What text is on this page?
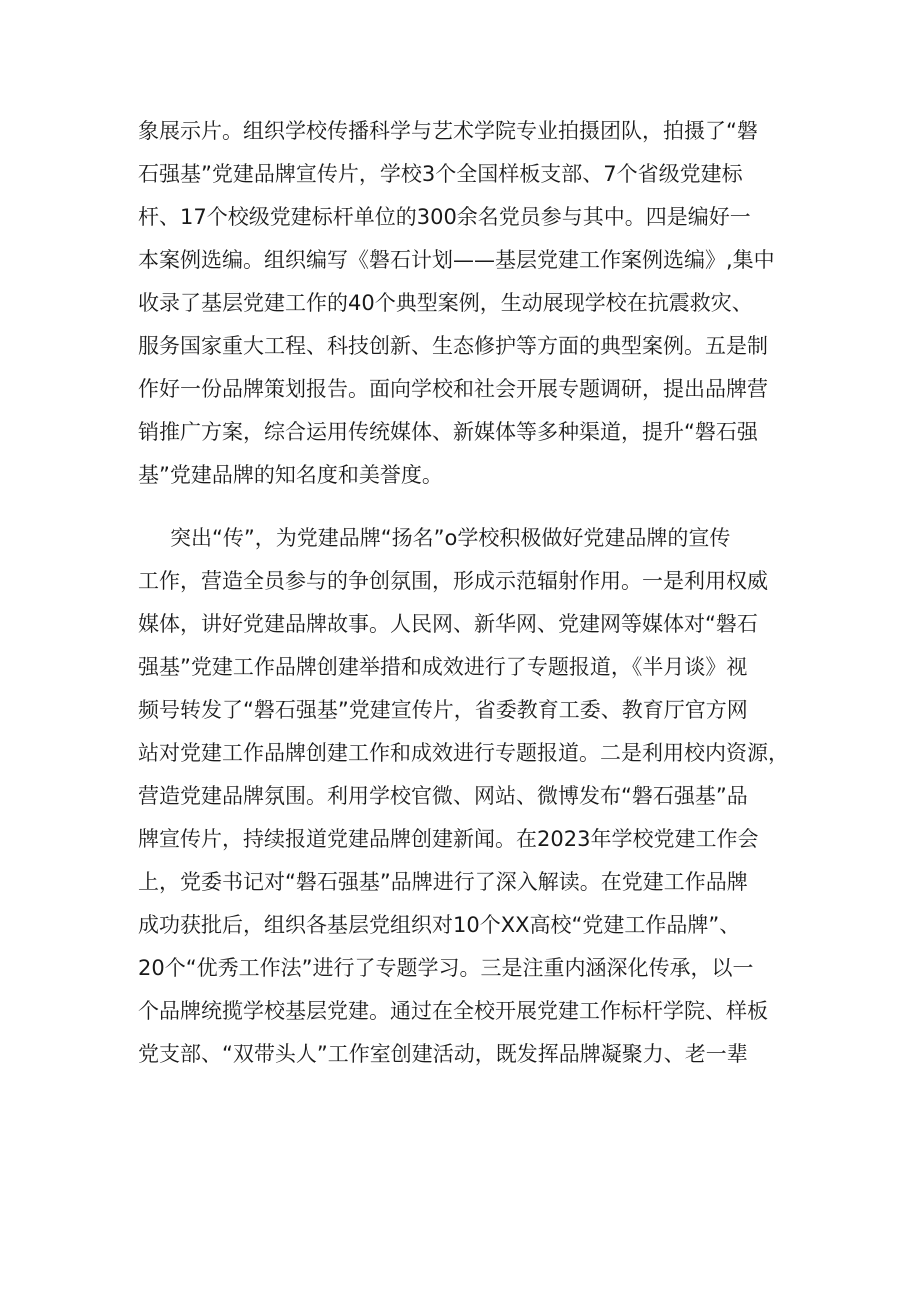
象展示片。组织学校传播科学与艺术学院专业拍摄团队，拍摄了“磐
石强基”党建品牌宣传片，学校3个全国样板支部、7个省级党建标
杆、17个校级党建标杆单位的300余名党员参与其中。四是编好一
本案例选编。组织编写《磐石计划——基层党建工作案例选编》,集中
收录了基层党建工作的40个典型案例，生动展现学校在抗震救灾、
服务国家重大工程、科技创新、生态修护等方面的典型案例。五是制
作好一份品牌策划报告。面向学校和社会开展专题调研，提出品牌营
销推广方案，综合运用传统媒体、新媒体等多种渠道，提升“磐石强
基”党建品牌的知名度和美誉度。

突出“传”，为党建品牌“扬名”o学校积极做好党建品牌的宣传
工作，营造全员参与的争创氛围，形成示范辐射作用。一是利用权威
媒体，讲好党建品牌故事。人民网、新华网、党建网等媒体对“磐石
强基”党建工作品牌创建举措和成效进行了专题报道，《半月谈》视
频号转发了“磐石强基”党建宣传片，省委教育工委、教育厅官方网
站对党建工作品牌创建工作和成效进行专题报道。二是利用校内资源，
营造党建品牌氛围。利用学校官微、网站、微博发布“磐石强基”品
牌宣传片，持续报道党建品牌创建新闻。在2023年学校党建工作会
上，党委书记对“磐石强基”品牌进行了深入解读。在党建工作品牌
成功获批后，组织各基层党组织对10个XX高校“党建工作品牌”、
20个“优秀工作法”进行了专题学习。三是注重内涵深化传承，以一
个品牌统揽学校基层党建。通过在全校开展党建工作标杆学院、样板
党支部、“双带头人”工作室创建活动，既发挥品牌凝聚力、老一辈
